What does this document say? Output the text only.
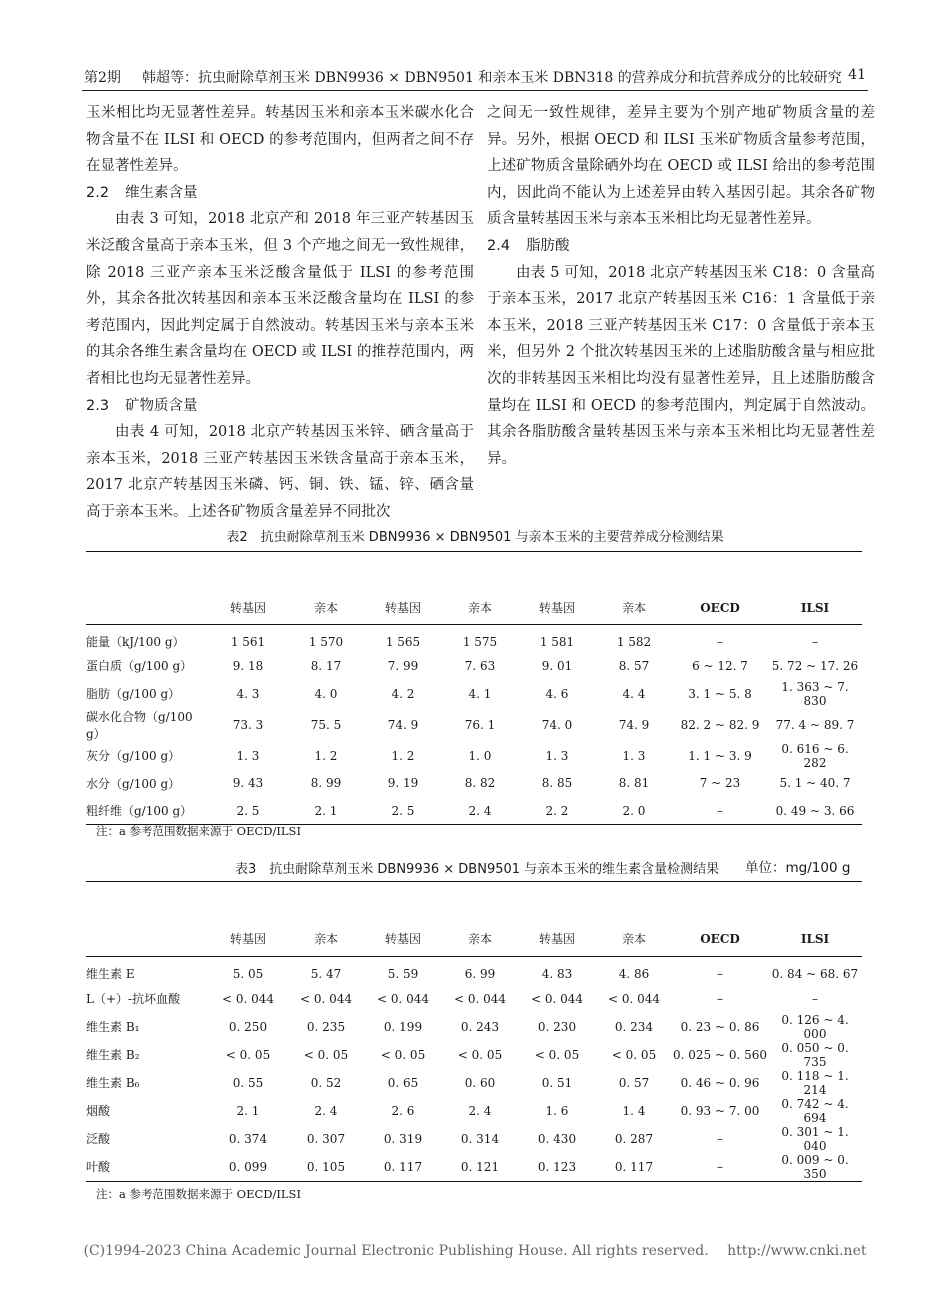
第2期 韩超等：抗虫耐除草剂玉米 DBN9936 × DBN9501 和亲本玉米 DBN318 的营养成分和抗营养成分的比较研究 41

玉米相比均无显著性差异。转基因玉米和亲本玉米碳水化合物含量不在 ILSI 和 OECD 的参考范围内，但两者之间不存在显著性差异。

2.2 维生素含量

由表 3 可知，2018 北京产和 2018 年三亚产转基因玉米泛酸含量高于亲本玉米，但 3 个产地之间无一致性规律，除 2018 三亚产亲本玉米泛酸含量低于 ILSI 的参考范围外，其余各批次转基因和亲本玉米泛酸含量均在 ILSI 的参考范围内，因此判定属于自然波动。转基因玉米与亲本玉米的其余各维生素含量均在 OECD 或 ILSI 的推荐范围内，两者相比也均无显著性差异。

2.3 矿物质含量

由表 4 可知，2018 北京产转基因玉米锌、硒含量高于亲本玉米，2018 三亚产转基因玉米铁含量高于亲本玉米，2017 北京产转基因玉米磷、钙、铜、铁、锰、锌、硒含量高于亲本玉米。上述各矿物质含量差异不同批次

之间无一致性规律，差异主要为个别产地矿物质含量的差异。另外，根据 OECD 和 ILSI 玉米矿物质含量参考范围，上述矿物质含量除硒外均在 OECD 或 ILSI 给出的参考范围内，因此尚不能认为上述差异由转入基因引起。其余各矿物质含量转基因玉米与亲本玉米相比均无显著性差异。

2.4 脂肪酸

由表 5 可知，2018 北京产转基因玉米 C18：0 含量高于亲本玉米，2017 北京产转基因玉米 C16：1 含量低于亲本玉米，2018 三亚产转基因玉米 C17：0 含量低于亲本玉米，但另外 2 个批次转基因玉米的上述脂肪酸含量与相应批次的非转基因玉米相比均没有显著性差异，且上述脂肪酸含量均在 ILSI 和 OECD 的参考范围内，判定属于自然波动。其余各脂肪酸含量转基因玉米与亲本玉米相比均无显著性差异。

表2　抗虫耐除草剂玉米 DBN9936 × DBN9501 与亲本玉米的主要营养成分检测结果

	转基因	亲本	转基因	亲本	转基因	亲本	OECD	ILSI
能量（kJ/100 g）	1 561	1 570	1 565	1 575	1 581	1 582	–	–
蛋白质（g/100 g）	9. 18	8. 17	7. 99	7. 63	9. 01	8. 57	6 ~ 12. 7	5. 72 ~ 17. 26
脂肪（g/100 g）	4. 3	4. 0	4. 2	4. 1	4. 6	4. 4	3. 1 ~ 5. 8	1. 363 ~ 7. 830
碳水化合物（g/100 g）	73. 3	75. 5	74. 9	76. 1	74. 0	74. 9	82. 2 ~ 82. 9	77. 4 ~ 89. 7
灰分（g/100 g）	1. 3	1. 2	1. 2	1. 0	1. 3	1. 3	1. 1 ~ 3. 9	0. 616 ~ 6. 282
水分（g/100 g）	9. 43	8. 99	9. 19	8. 82	8. 85	8. 81	7 ~ 23	5. 1 ~ 40. 7
粗纤维（g/100 g）	2. 5	2. 1	2. 5	2. 4	2. 2	2. 0	–	0. 49 ~ 3. 66
注：a 参考范围数据来源于 OECD/ILSI
表3　抗虫耐除草剂玉米 DBN9936 × DBN9501 与亲本玉米的维生素含量检测结果 单位：mg/100 g

	转基因	亲本	转基因	亲本	转基因	亲本	OECD	ILSI
维生素 E	5. 05	5. 47	5. 59	6. 99	4. 83	4. 86	–	0. 84 ~ 68. 67
L（+）-抗坏血酸	< 0. 044	< 0. 044	< 0. 044	< 0. 044	< 0. 044	< 0. 044	–	–
维生素 B₁	0. 250	0. 235	0. 199	0. 243	0. 230	0. 234	0. 23 ~ 0. 86	0. 126 ~ 4. 000
维生素 B₂	< 0. 05	< 0. 05	< 0. 05	< 0. 05	< 0. 05	< 0. 05	0. 025 ~ 0. 560	0. 050 ~ 0. 735
维生素 B₆	0. 55	0. 52	0. 65	0. 60	0. 51	0. 57	0. 46 ~ 0. 96	0. 118 ~ 1. 214
烟酸	2. 1	2. 4	2. 6	2. 4	1. 6	1. 4	0. 93 ~ 7. 00	0. 742 ~ 4. 694
泛酸	0. 374	0. 307	0. 319	0. 314	0. 430	0. 287	–	0. 301 ~ 1. 040
叶酸	0. 099	0. 105	0. 117	0. 121	0. 123	0. 117	–	0. 009 ~ 0. 350
注：a 参考范围数据来源于 OECD/ILSI
(C)1994-2023 China Academic Journal Electronic Publishing House. All rights reserved.　 http://www.cnki.net
